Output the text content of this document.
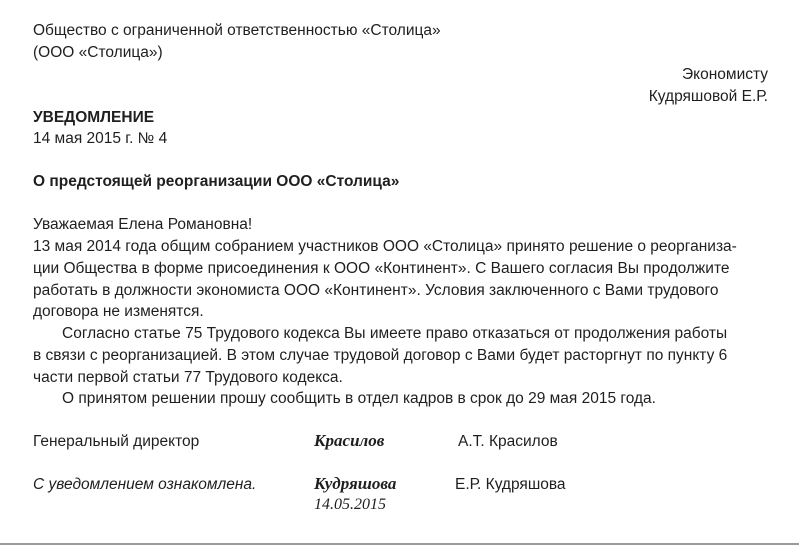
Общество с ограниченной ответственностью «Столица»
(ООО «Столица»)
Экономисту
Кудряшовой Е.Р.
УВЕДОМЛЕНИЕ
14 мая 2015 г. № 4
О предстоящей реорганизации ООО «Столица»
Уважаемая Елена Романовна!
13 мая 2014 года общим собранием участников ООО «Столица» принято решение о реорганиза-
ции Общества в форме присоединения к ООО «Континент». С Вашего согласия Вы продолжите
работать в должности экономиста ООО «Континент». Условия заключенного с Вами трудового
договора не изменятся.
Согласно статье 75 Трудового кодекса Вы имеете право отказаться от продолжения работы
в связи с реорганизацией. В этом случае трудовой договор с Вами будет расторгнут по пункту 6
части первой статьи 77 Трудового кодекса.
О принятом решении прошу сообщить в отдел кадров в срок до 29 мая 2015 года.
Генеральный директор	Красилов	А.Т. Красилов
С уведомлением ознакомлена.	Кудряшова	Е.Р. Кудряшова
14.05.2015
